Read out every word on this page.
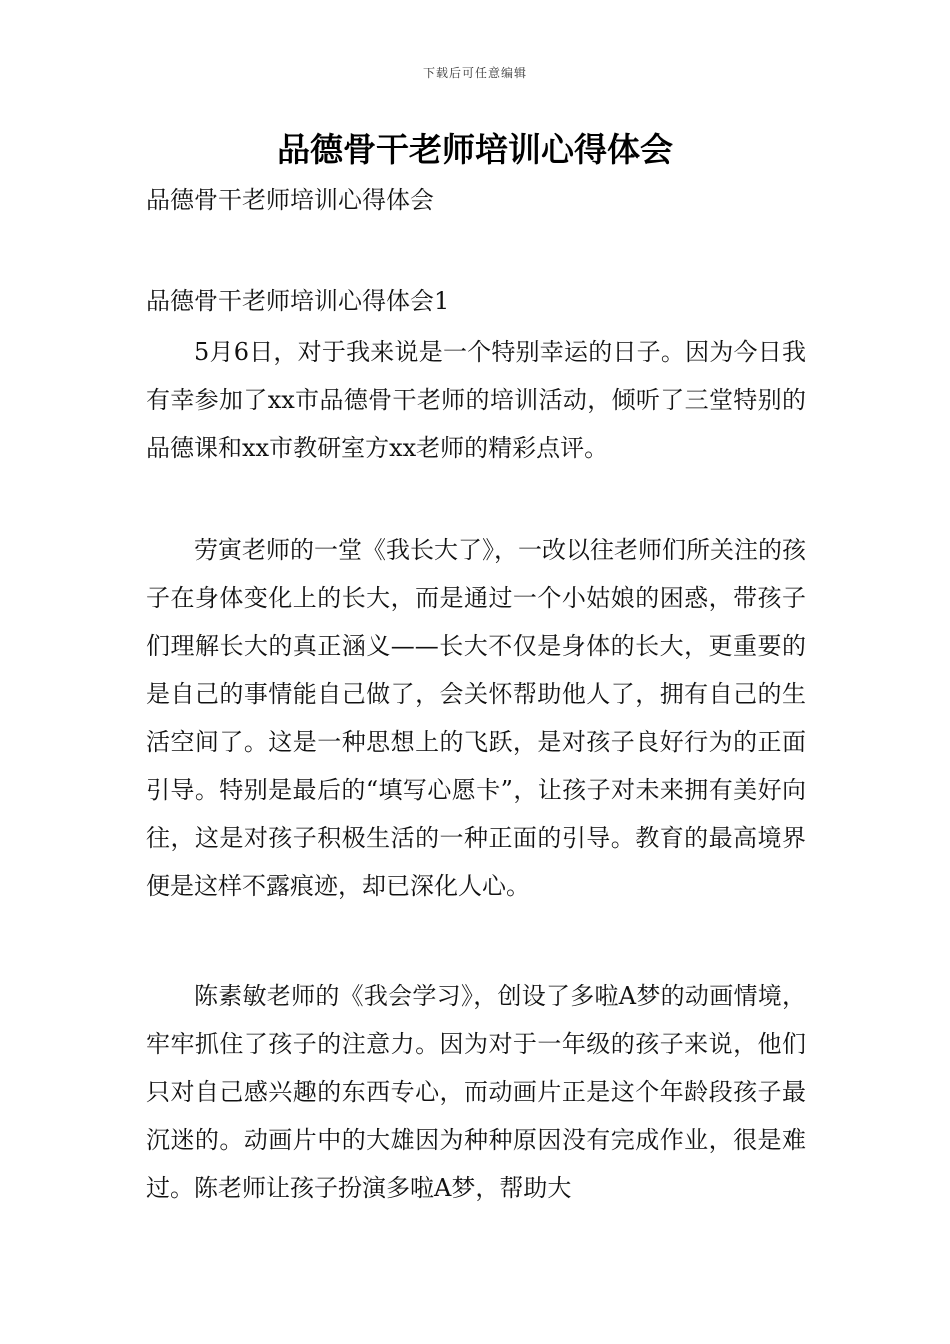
下载后可任意编辑
品德骨干老师培训心得体会

品德骨干老师培训心得体会

品德骨干老师培训心得体会1

5月6日，对于我来说是一个特别幸运的日子。因为今日我有幸参加了xx市品德骨干老师的培训活动，倾听了三堂特别的品德课和xx市教研室方xx老师的精彩点评。

劳寅老师的一堂《我长大了》，一改以往老师们所关注的孩子在身体变化上的长大，而是通过一个小姑娘的困惑，带孩子们理解长大的真正涵义——长大不仅是身体的长大，更重要的是自己的事情能自己做了，会关怀帮助他人了，拥有自己的生活空间了。这是一种思想上的飞跃，是对孩子良好行为的正面引导。特别是最后的“填写心愿卡”，让孩子对未来拥有美好向往，这是对孩子积极生活的一种正面的引导。教育的最高境界便是这样不露痕迹，却已深化人心。

陈素敏老师的《我会学习》，创设了多啦A梦的动画情境，牢牢抓住了孩子的注意力。因为对于一年级的孩子来说，他们只对自己感兴趣的东西专心，而动画片正是这个年龄段孩子最沉迷的。动画片中的大雄因为种种原因没有完成作业，很是难过。陈老师让孩子扮演多啦A梦，帮助大
